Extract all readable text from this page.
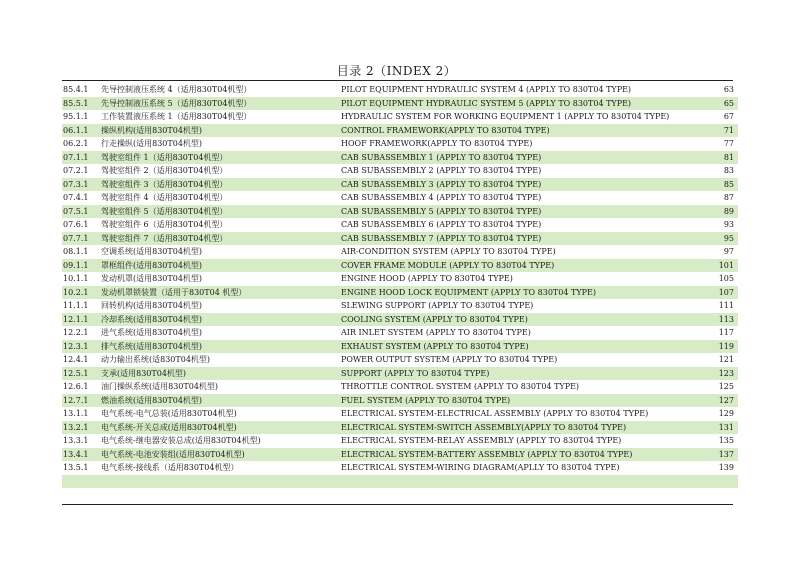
目录 2（INDEX 2）
85.4.1	先导控制液压系统 4（适用830T04机型）	PILOT EQUIPMENT HYDRAULIC SYSTEM 4 (APPLY TO 830T04 TYPE)	63
85.5.1	先导控制液压系统 5（适用830T04机型）	PILOT EQUIPMENT HYDRAULIC SYSTEM 5 (APPLY TO 830T04 TYPE)	65
95.1.1	工作装置液压系统 1（适用830T04机型）	HYDRAULIC SYSTEM FOR WORKING EQUIPMENT 1 (APPLY TO 830T04 TYPE)	67
06.1.1	操纵机构(适用830T04机型)	CONTROL FRAMEWORK(APPLY TO 830T04 TYPE)	71
06.2.1	行走操纵(适用830T04机型)	HOOF FRAMEWORK(APPLY TO 830T04 TYPE)	77
07.1.1	驾驶室组件 1（适用830T04机型）	CAB SUBASSEMBLY 1 (APPLY TO 830T04 TYPE)	81
07.2.1	驾驶室组件 2（适用830T04机型）	CAB SUBASSEMBLY 2 (APPLY TO 830T04 TYPE)	83
07.3.1	驾驶室组件 3（适用830T04机型）	CAB SUBASSEMBLY 3 (APPLY TO 830T04 TYPE)	85
07.4.1	驾驶室组件 4（适用830T04机型）	CAB SUBASSEMBLY 4 (APPLY TO 830T04 TYPE)	87
07.5.1	驾驶室组件 5（适用830T04机型）	CAB SUBASSEMBLY 5 (APPLY TO 830T04 TYPE)	89
07.6.1	驾驶室组件 6（适用830T04机型）	CAB SUBASSEMBLY 6 (APPLY TO 830T04 TYPE)	93
07.7.1	驾驶室组件 7（适用830T04机型）	CAB SUBASSEMBLY 7 (APPLY TO 830T04 TYPE)	95
08.1.1	空调系统(适用830T04机型)	AIR-CONDITION SYSTEM (APPLY TO 830T04 TYPE)	97
09.1.1	罩框组件(适用830T04机型)	COVER FRAME MODULE (APPLY TO 830T04 TYPE)	101
10.1.1	发动机罩(适用830T04机型)	ENGINE HOOD (APPLY TO 830T04 TYPE)	105
10.2.1	发动机罩锁装置（适用于830T04 机型）	ENGINE HOOD LOCK EQUIPMENT (APPLY TO 830T04 TYPE)	107
11.1.1	回转机构(适用830T04机型)	SLEWING SUPPORT (APPLY TO 830T04 TYPE)	111
12.1.1	冷却系统(适用830T04机型)	COOLING SYSTEM (APPLY TO 830T04 TYPE)	113
12.2.1	进气系统(适用830T04机型)	AIR INLET SYSTEM (APPLY TO 830T04 TYPE)	117
12.3.1	排气系统(适用830T04机型)	EXHAUST SYSTEM (APPLY TO 830T04 TYPE)	119
12.4.1	动力输出系统(适830T04机型)	POWER OUTPUT SYSTEM (APPLY TO 830T04 TYPE)	121
12.5.1	支承(适用830T04机型)	SUPPORT (APPLY TO 830T04 TYPE)	123
12.6.1	油门操纵系统(适用830T04机型)	THROTTLE CONTROL SYSTEM (APPLY TO 830T04 TYPE)	125
12.7.1	燃油系统(适用830T04机型)	FUEL SYSTEM (APPLY TO 830T04 TYPE)	127
13.1.1	电气系统-电气总装(适用830T04机型)	ELECTRICAL SYSTEM-ELECTRICAL ASSEMBLY (APPLY TO 830T04 TYPE)	129
13.2.1	电气系统-开关总成(适用830T04机型)	ELECTRICAL SYSTEM-SWITCH ASSEMBLY(APPLY TO 830T04 TYPE)	131
13.3.1	电气系统-继电器安装总成(适用830T04机型)	ELECTRICAL SYSTEM-RELAY ASSEMBLY (APPLY TO 830T04 TYPE)	135
13.4.1	电气系统-电池安装组(适用830T04机型)	ELECTRICAL SYSTEM-BATTERY ASSEMBLY (APPLY TO 830T04 TYPE)	137
13.5.1	电气系统-接线系（适用830T04机型）	ELECTRICAL SYSTEM-WIRING DIAGRAM(APLLY TO 830T04 TYPE)	139
